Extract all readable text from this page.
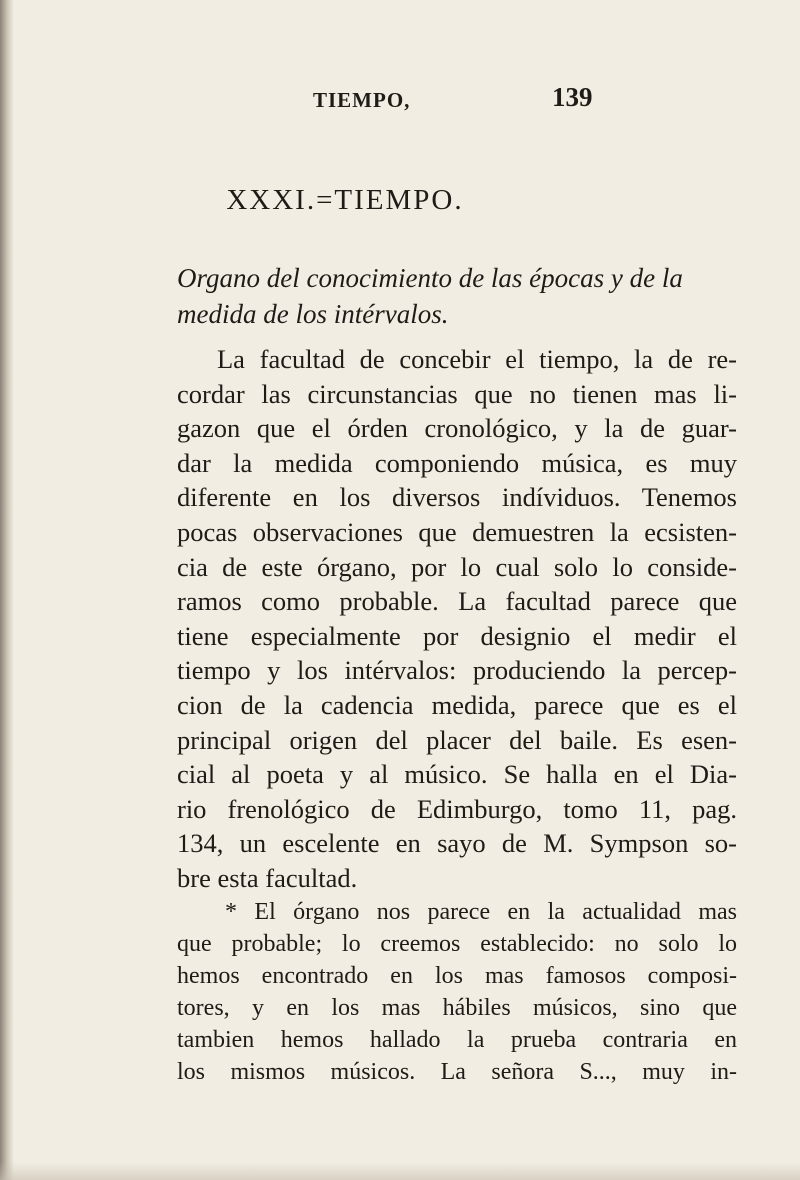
TIEMPO,	139
XXXI.=TIEMPO.
Organo del conocimiento de las épocas y de la

medida de los intérvalos.
La facultad de concebir el tiempo, la de re-
cordar las circunstancias que no tienen mas li-
gazon que el órden cronológico, y la de guar-
dar la medida componiendo música, es muy
diferente en los diversos indíviduos. Tenemos
pocas observaciones que demuestren la ecsisten-
cia de este órgano, por lo cual solo lo conside-
ramos como probable. La facultad parece que
tiene especialmente por designio el medir el
tiempo y los intérvalos: produciendo la percep-
cion de la cadencia medida, parece que es el
principal origen del placer del baile. Es esen-
cial al poeta y al músico. Se halla en el Dia-
rio frenológico de Edimburgo, tomo 11, pag.
134, un escelente en sayo de M. Sympson so-
bre esta facultad.
* El órgano nos parece en la actualidad mas
que probable; lo creemos establecido: no solo lo
hemos encontrado en los mas famosos composi-
tores, y en los mas hábiles músicos, sino que
tambien hemos hallado la prueba contraria en
los mismos músicos. La señora S..., muy in-
